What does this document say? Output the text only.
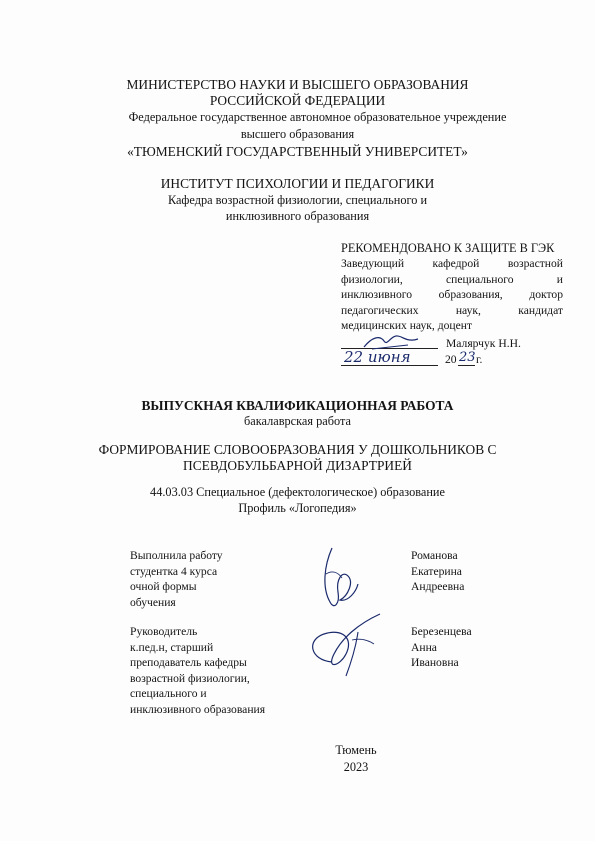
МИНИСТЕРСТВО НАУКИ И ВЫСШЕГО ОБРАЗОВАНИЯ
РОССИЙСКОЙ ФЕДЕРАЦИИ
Федеральное государственное автономное образовательное учреждение
высшего образования
«ТЮМЕНСКИЙ ГОСУДАРСТВЕННЫЙ УНИВЕРСИТЕТ»
ИНСТИТУТ ПСИХОЛОГИИ И ПЕДАГОГИКИ
Кафедра возрастной физиологии, специального и
инклюзивного образования
РЕКОМЕНДОВАНО К ЗАЩИТЕ В ГЭК
Заведующий кафедрой возрастной
физиологии, специального и
инклюзивного образования, доктор
педагогических наук, кандидат
медицинских наук, доцент
Малярчук Н.Н.
22 июня	20 23 г.
ВЫПУСКНАЯ КВАЛИФИКАЦИОННАЯ РАБОТА
бакалаврская работа
ФОРМИРОВАНИЕ СЛОВООБРАЗОВАНИЯ У ДОШКОЛЬНИКОВ С
ПСЕВДОБУЛЬБАРНОЙ ДИЗАРТРИЕЙ
44.03.03 Специальное (дефектологическое) образование
Профиль «Логопедия»
Выполнила работу
студентка 4 курса
очной формы
обучения
Романова
Екатерина
Андреевна
Руководитель
к.пед.н, старший
преподаватель кафедры
возрастной физиологии,
специального и
инклюзивного образования
Березенцева
Анна
Ивановна
Тюмень
2023
